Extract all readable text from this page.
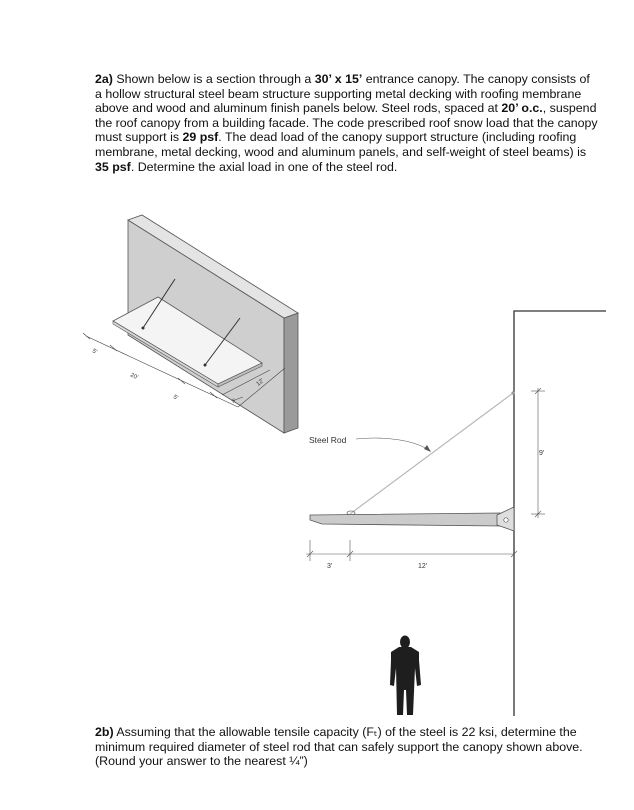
2a) Shown below is a section through a 30’ x 15’ entrance canopy. The canopy consists of a hollow structural steel beam structure supporting metal decking with roofing membrane above and wood and aluminum finish panels below. Steel rods, spaced at 20’ o.c., suspend the roof canopy from a building facade. The code prescribed roof snow load that the canopy must support is 29 psf. The dead load of the canopy support structure (including roofing membrane, metal decking, wood and aluminum panels, and self-weight of steel beams) is 35 psf. Determine the axial load in one of the steel rod.
5'
20'
5'
12'
3'
Steel Rod
9'
3'	12'
2b) Assuming that the allowable tensile capacity (Fₜ) of the steel is 22 ksi, determine the minimum required diameter of steel rod that can safely support the canopy shown above. (Round your answer to the nearest ¼”)
